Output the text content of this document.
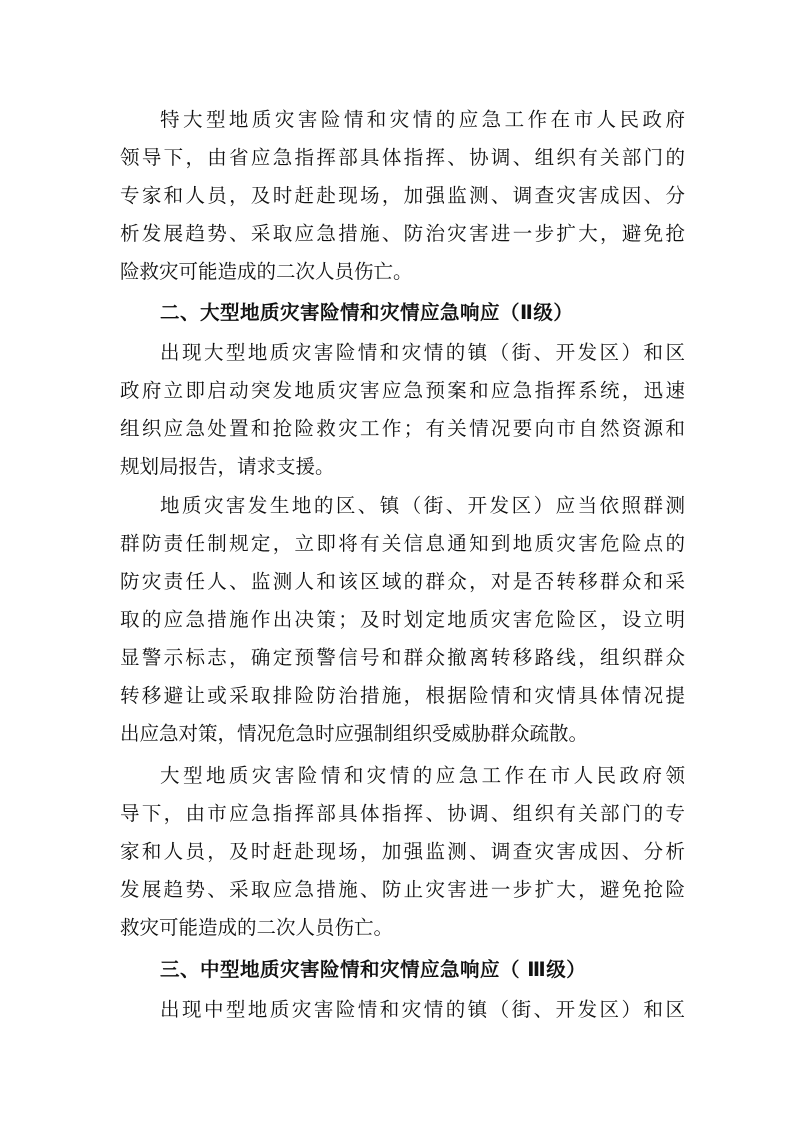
特大型地质灾害险情和灾情的应急工作在市人民政府
领导下，由省应急指挥部具体指挥、协调、组织有关部门的
专家和人员，及时赶赴现场，加强监测、调查灾害成因、分
析发展趋势、采取应急措施、防治灾害进一步扩大，避免抢
险救灾可能造成的二次人员伤亡。
二、大型地质灾害险情和灾情应急响应（Ⅱ级）
出现大型地质灾害险情和灾情的镇（街、开发区）和区
政府立即启动突发地质灾害应急预案和应急指挥系统，迅速
组织应急处置和抢险救灾工作；有关情况要向市自然资源和
规划局报告，请求支援。
地质灾害发生地的区、镇（街、开发区）应当依照群测
群防责任制规定，立即将有关信息通知到地质灾害危险点的
防灾责任人、监测人和该区域的群众，对是否转移群众和采
取的应急措施作出决策；及时划定地质灾害危险区，设立明
显警示标志，确定预警信号和群众撤离转移路线，组织群众
转移避让或采取排险防治措施，根据险情和灾情具体情况提
出应急对策，情况危急时应强制组织受威胁群众疏散。
大型地质灾害险情和灾情的应急工作在市人民政府领
导下，由市应急指挥部具体指挥、协调、组织有关部门的专
家和人员，及时赶赴现场，加强监测、调查灾害成因、分析
发展趋势、采取应急措施、防止灾害进一步扩大，避免抢险
救灾可能造成的二次人员伤亡。
三、中型地质灾害险情和灾情应急响应（ Ⅲ级）
出现中型地质灾害险情和灾情的镇（街、开发区）和区
